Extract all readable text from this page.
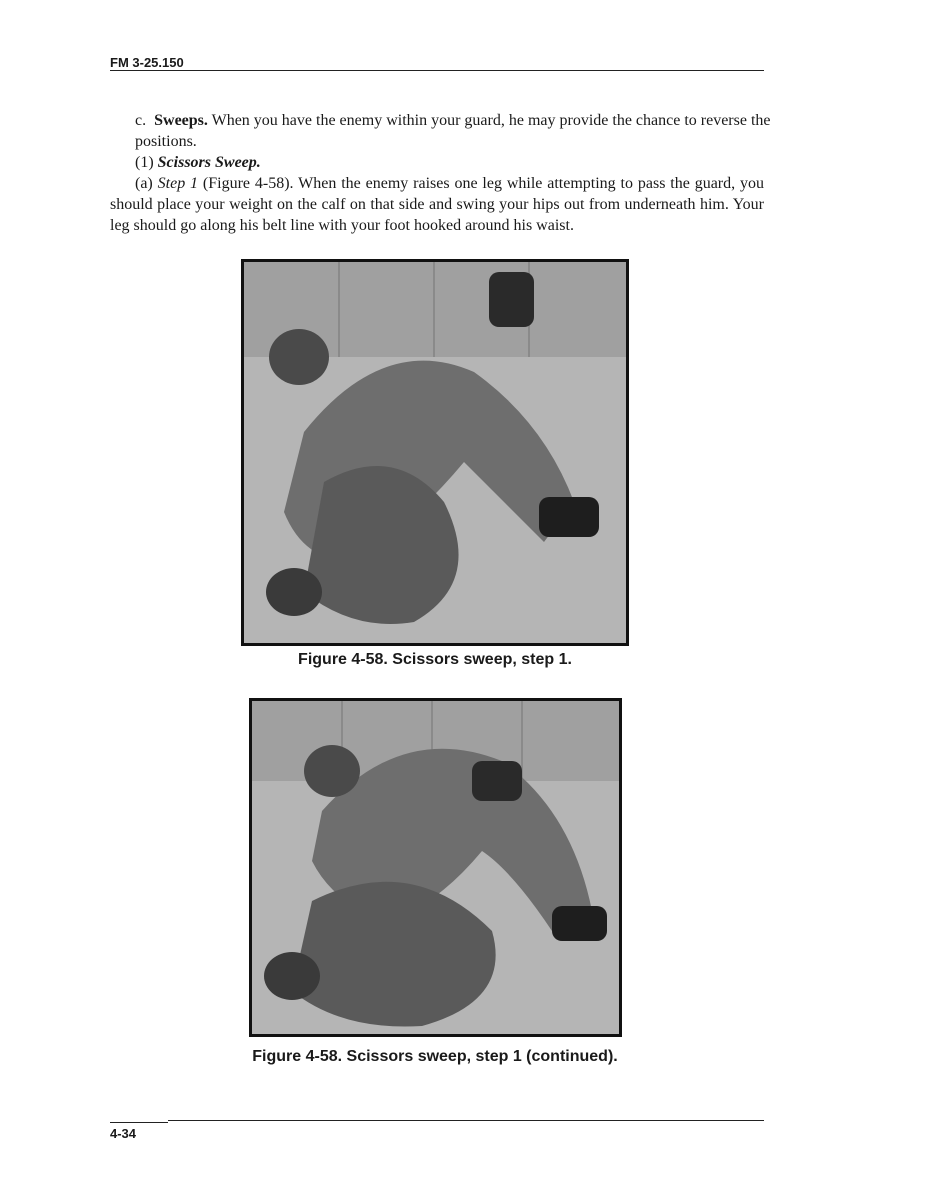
FM 3-25.150
c. Sweeps. When you have the enemy within your guard, he may provide the chance to reverse the positions.
(1) Scissors Sweep.
(a) Step 1 (Figure 4-58). When the enemy raises one leg while attempting to pass the guard, you should place your weight on the calf on that side and swing your hips out from underneath him. Your leg should go along his belt line with your foot hooked around his waist.
Figure 4-58. Scissors sweep, step 1.
Figure 4-58. Scissors sweep, step 1 (continued).
4-34
